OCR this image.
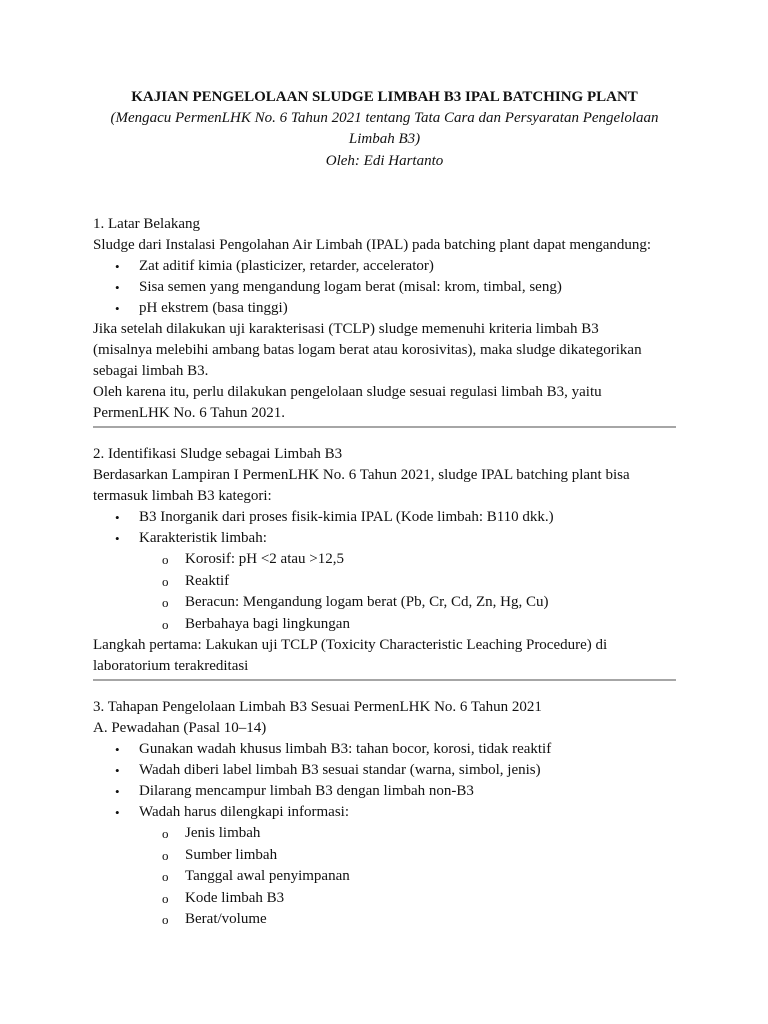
KAJIAN PENGELOLAAN SLUDGE LIMBAH B3 IPAL BATCHING PLANT
(Mengacu PermenLHK No. 6 Tahun 2021 tentang Tata Cara dan Persyaratan Pengelolaan
Limbah B3)
Oleh: Edi Hartanto
1. Latar Belakang
Sludge dari Instalasi Pengolahan Air Limbah (IPAL) pada batching plant dapat mengandung:
• Zat aditif kimia (plasticizer, retarder, accelerator)
• Sisa semen yang mengandung logam berat (misal: krom, timbal, seng)
• pH ekstrem (basa tinggi)
Jika setelah dilakukan uji karakterisasi (TCLP) sludge memenuhi kriteria limbah B3
(misalnya melebihi ambang batas logam berat atau korosivitas), maka sludge dikategorikan
sebagai limbah B3.
Oleh karena itu, perlu dilakukan pengelolaan sludge sesuai regulasi limbah B3, yaitu
PermenLHK No. 6 Tahun 2021.
2. Identifikasi Sludge sebagai Limbah B3
Berdasarkan Lampiran I PermenLHK No. 6 Tahun 2021, sludge IPAL batching plant bisa
termasuk limbah B3 kategori:
• B3 Inorganik dari proses fisik-kimia IPAL (Kode limbah: B110 dkk.)
• Karakteristik limbah:
o Korosif: pH <2 atau >12,5
o Reaktif
o Beracun: Mengandung logam berat (Pb, Cr, Cd, Zn, Hg, Cu)
o Berbahaya bagi lingkungan
Langkah pertama: Lakukan uji TCLP (Toxicity Characteristic Leaching Procedure) di
laboratorium terakreditasi
3. Tahapan Pengelolaan Limbah B3 Sesuai PermenLHK No. 6 Tahun 2021
A. Pewadahan (Pasal 10–14)
• Gunakan wadah khusus limbah B3: tahan bocor, korosi, tidak reaktif
• Wadah diberi label limbah B3 sesuai standar (warna, simbol, jenis)
• Dilarang mencampur limbah B3 dengan limbah non-B3
• Wadah harus dilengkapi informasi:
o Jenis limbah
o Sumber limbah
o Tanggal awal penyimpanan
o Kode limbah B3
o Berat/volume
